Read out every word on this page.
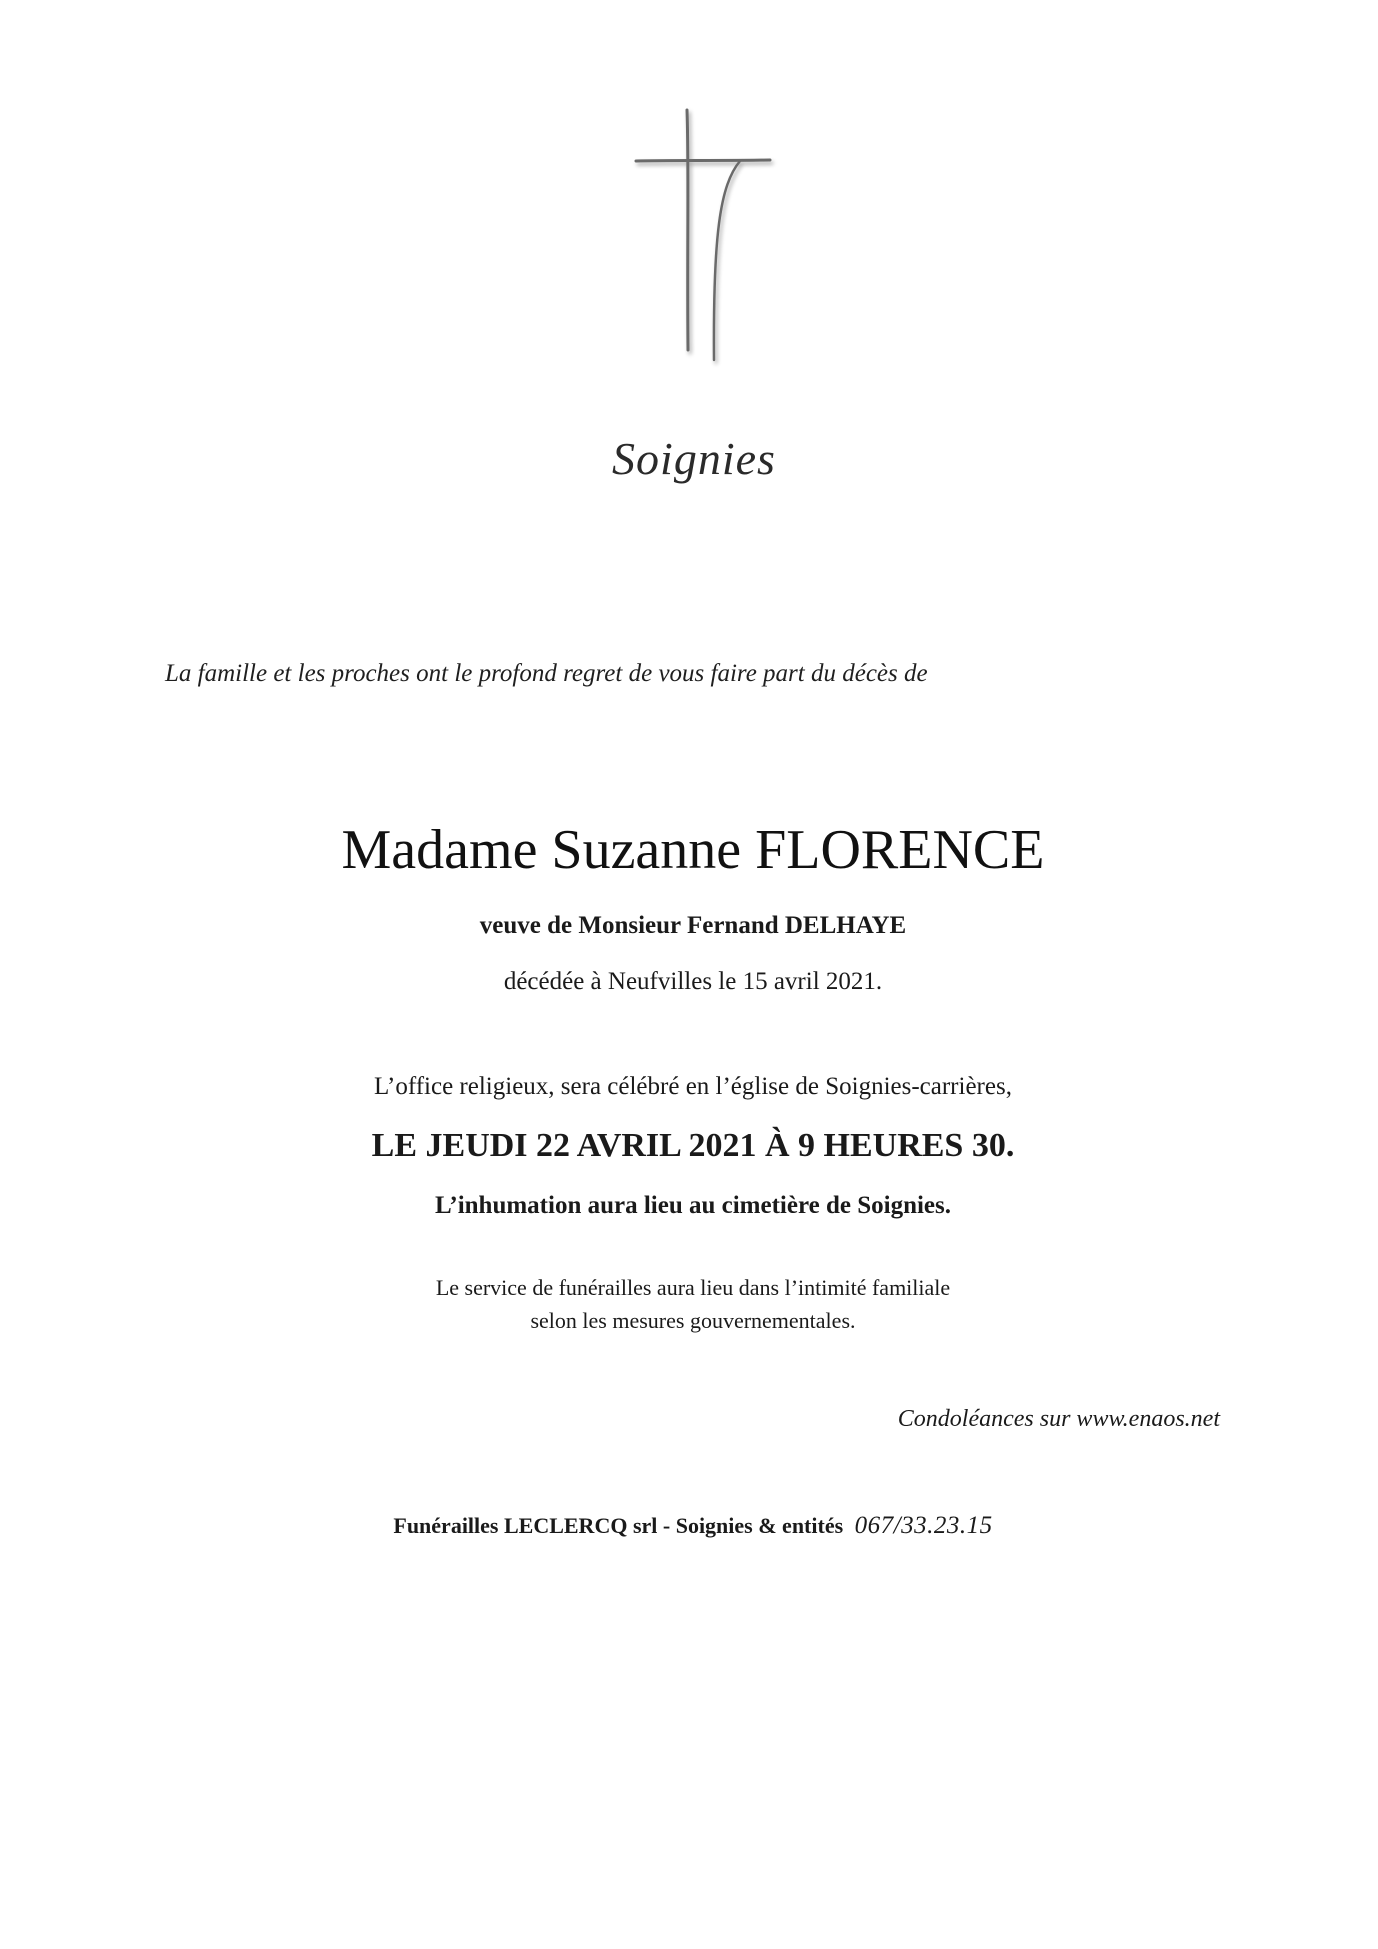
Soignies
La famille et les proches ont le profond regret de vous faire part du décès de
Madame Suzanne FLORENCE
veuve de Monsieur Fernand DELHAYE
décédée à Neufvilles le 15 avril 2021.
L’office religieux, sera célébré en l’église de Soignies-carrières,
LE JEUDI 22 AVRIL 2021 À 9 HEURES 30.
L’inhumation aura lieu au cimetière de Soignies.
Le service de funérailles aura lieu dans l’intimité familiale
selon les mesures gouvernementales.
Condoléances sur www.enaos.net
Funérailles LECLERCQ srl - Soignies & entités 067/33.23.15
